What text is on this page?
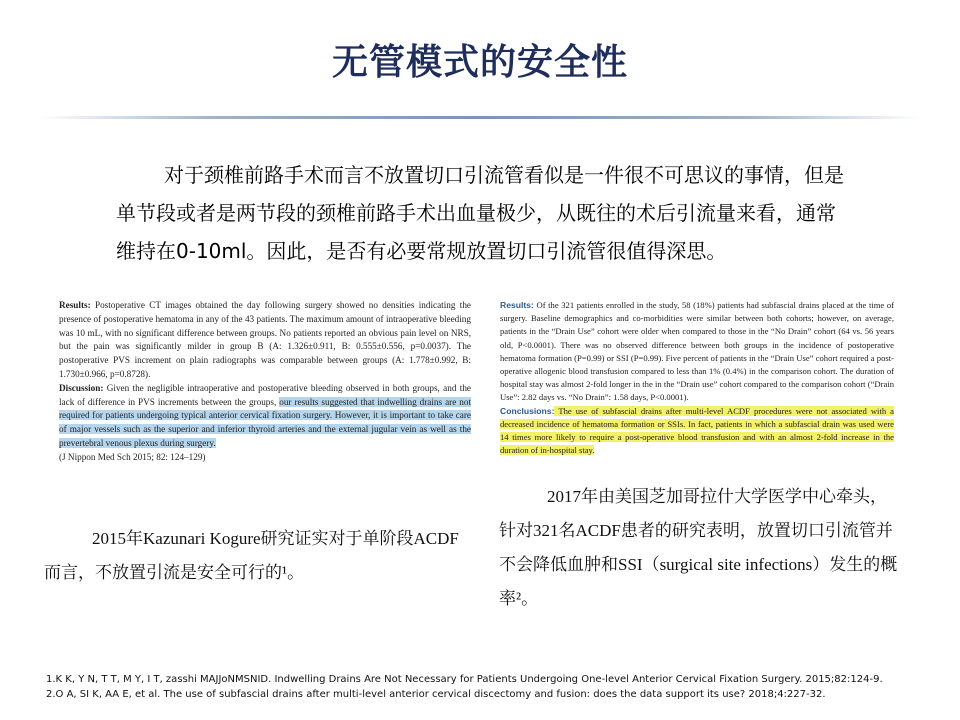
无管模式的安全性
对于颈椎前路手术而言不放置切口引流管看似是一件很不可思议的事情，但是单节段或者是两节段的颈椎前路手术出血量极少，从既往的术后引流量来看，通常维持在0-10ml。因此，是否有必要常规放置切口引流管很值得深思。
Results: Postoperative CT images obtained the day following surgery showed no densities indicating the presence of postoperative hematoma in any of the 43 patients. The maximum amount of intraoperative bleeding was 10 mL, with no significant difference between groups. No patients reported an obvious pain level on NRS, but the pain was significantly milder in group B (A: 1.326±0.911, B: 0.555±0.556, p=0.0037). The postoperative PVS increment on plain radiographs was comparable between groups (A: 1.778±0.992, B: 1.730±0.966, p=0.8728).
Discussion: Given the negligible intraoperative and postoperative bleeding observed in both groups, and the lack of difference in PVS increments between the groups, our results suggested that indwelling drains are not required for patients undergoing typical anterior cervical fixation surgery. However, it is important to take care of major vessels such as the superior and inferior thyroid arteries and the external jugular vein as well as the prevertebral venous plexus during surgery.
(J Nippon Med Sch 2015; 82: 124–129)
Results: Of the 321 patients enrolled in the study, 58 (18%) patients had subfascial drains placed at the time of surgery. Baseline demographics and co-morbidities were similar between both cohorts; however, on average, patients in the “Drain Use” cohort were older when compared to those in the “No Drain” cohort (64 vs. 56 years old, P<0.0001). There was no observed difference between both groups in the incidence of postoperative hematoma formation (P=0.99) or SSI (P=0.99). Five percent of patients in the “Drain Use” cohort required a post-operative allogenic blood transfusion compared to less than 1% (0.4%) in the comparison cohort. The duration of hospital stay was almost 2-fold longer in the in the “Drain use” cohort compared to the comparison cohort (“Drain Use”: 2.82 days vs. “No Drain”: 1.58 days, P<0.0001).
Conclusions: The use of subfascial drains after multi-level ACDF procedures were not associated with a decreased incidence of hematoma formation or SSIs. In fact, patients in which a subfascial drain was used were 14 times more likely to require a post-operative blood transfusion and with an almost 2-fold increase in the duration of in-hospital stay.
2015年Kazunari Kogure研究证实对于单阶段ACDF而言，不放置引流是安全可行的¹。
2017年由美国芝加哥拉什大学医学中心牵头，针对321名ACDF患者的研究表明，放置切口引流管并不会降低血肿和SSI（surgical site infections）发生的概率²。
1.K K, Y N, T T, M Y, I T, zasshi MAJJoNMSNID. Indwelling Drains Are Not Necessary for Patients Undergoing One-level Anterior Cervical Fixation Surgery. 2015;82:124-9.
2.O A, SI K, AA E, et al. The use of subfascial drains after multi-level anterior cervical discectomy and fusion: does the data support its use? 2018;4:227-32.
